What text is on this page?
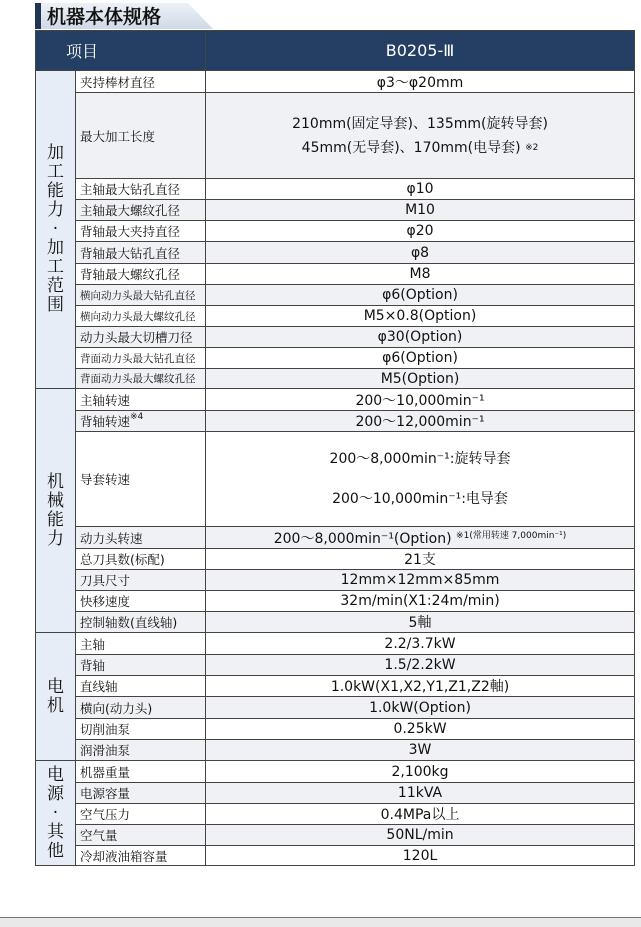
机器本体规格
项目		B0205-Ⅲ
加工能力·加工范围	夹持棒材直径	φ3～φ20mm
	最大加工长度	210mm(固定导套)、135mm(旋转导套)
45mm(无导套)、170mm(电导套) $^{※2}$

	主轴最大钻孔直径	φ10
	主轴最大螺纹孔径	M10
	背轴最大夹持直径	φ20
	背轴最大钻孔直径	φ8
	背轴最大螺纹孔径	M8
	横向动力头最大钻孔直径	φ6(Option)
	横向动力头最大螺纹孔径	M5×0.8(Option)
	动力头最大切槽刀径	φ30(Option)
	背面动力头最大钻孔直径	φ6(Option)
	背面动力头最大螺纹孔径	M5(Option)
机械能力	主轴转速	200～10,000min⁻¹
	背轴转速$^{※4}$	200～12,000min⁻¹
	导套转速	200～8,000min⁻¹:旋转导套
200～10,000min⁻¹:电导套

	动力头转速	200～8,000min⁻¹(Option) $^{※1(常用转速 7,000min^{-1})}$
	总刀具数(标配)	21支
	刀具尺寸	12mm×12mm×85mm
	快移速度	32m/min(X1:24m/min)
	控制轴数(直线轴)	5軸
电机	主轴	2.2/3.7kW
	背轴	1.5/2.2kW
	直线轴	1.0kW(X1,X2,Y1,Z1,Z2軸)
	横向(动力头)	1.0kW(Option)
	切削油泵	0.25kW
	润滑油泵	3W
电源·其他	机器重量	2,100kg
	电源容量	11kVA
	空气压力	0.4MPa以上
	空气量	50NL/min
	冷却液油箱容量	120L
